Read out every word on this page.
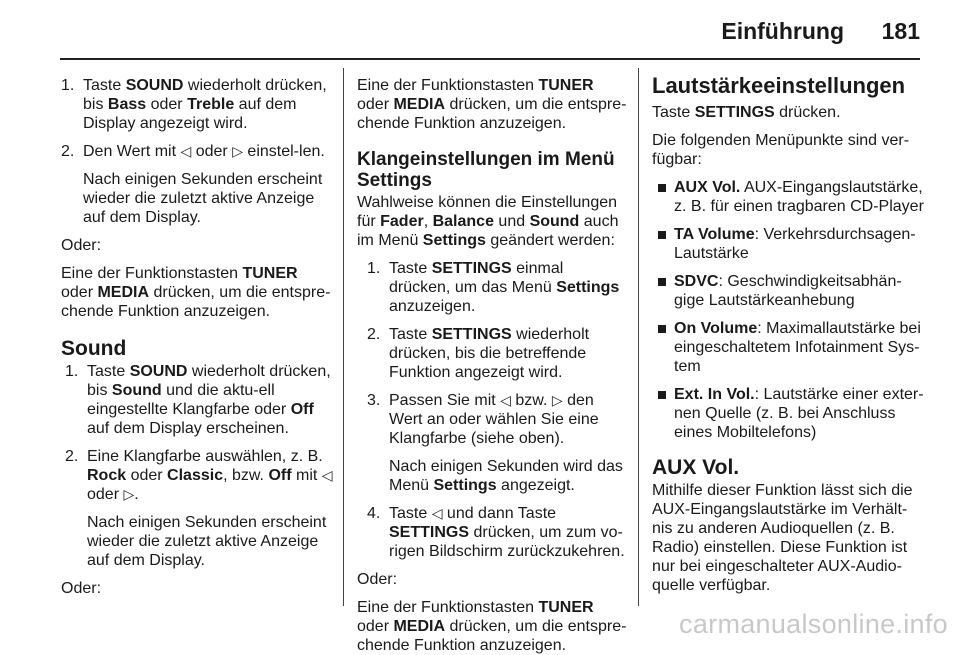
Einführung 181

1. Taste SOUND wiederholt drücken, bis Bass oder Treble auf dem Display angezeigt wird.

2. Den Wert mit ◁ oder ▷ einstel-len.

Nach einigen Sekunden erscheint wieder die zuletzt aktive Anzeige auf dem Display.

Oder:

Eine der Funktionstasten TUNER oder MEDIA drücken, um die entspre-chende Funktion anzuzeigen.

Sound

1. Taste SOUND wiederholt drücken, bis Sound und die aktu-ell eingestellte Klangfarbe oder Off auf dem Display erscheinen.

2. Eine Klangfarbe auswählen, z. B. Rock oder Classic, bzw. Off mit ◁ oder ▷.

Nach einigen Sekunden erscheint wieder die zuletzt aktive Anzeige auf dem Display.

Oder:

Eine der Funktionstasten TUNER oder MEDIA drücken, um die entspre-chende Funktion anzuzeigen.

Klangeinstellungen im Menü Settings

Wahlweise können die Einstellungen für Fader, Balance und Sound auch im Menü Settings geändert werden:

1. Taste SETTINGS einmal drücken, um das Menü Settings anzuzeigen.

2. Taste SETTINGS wiederholt drücken, bis die betreffende Funktion angezeigt wird.

3. Passen Sie mit ◁ bzw. ▷ den Wert an oder wählen Sie eine Klangfarbe (siehe oben).

Nach einigen Sekunden wird das Menü Settings angezeigt.

4. Taste ◁ und dann Taste SETTINGS drücken, um zum vo-rigen Bildschirm zurückzukehren.

Oder:

Eine der Funktionstasten TUNER oder MEDIA drücken, um die entspre-chende Funktion anzuzeigen.

Lautstärkeeinstellungen

Taste SETTINGS drücken.

Die folgenden Menüpunkte sind ver-fügbar:

AUX Vol. AUX-Eingangslautstärke, z. B. für einen tragbaren CD-Player

TA Volume: Verkehrsdurchsagen-Lautstärke

SDVC: Geschwindigkeitsabhän-gige Lautstärkeanhebung

On Volume: Maximallautstärke bei eingeschaltetem Infotainment Sys-tem

Ext. In Vol.: Lautstärke einer exter-nen Quelle (z. B. bei Anschluss eines Mobiltelefons)

AUX Vol.

Mithilfe dieser Funktion lässt sich die AUX-Eingangslautstärke im Verhält-nis zu anderen Audioquellen (z. B. Radio) einstellen. Diese Funktion ist nur bei eingeschalteter AUX-Audio-quelle verfügbar.

carmanualsonline.info
